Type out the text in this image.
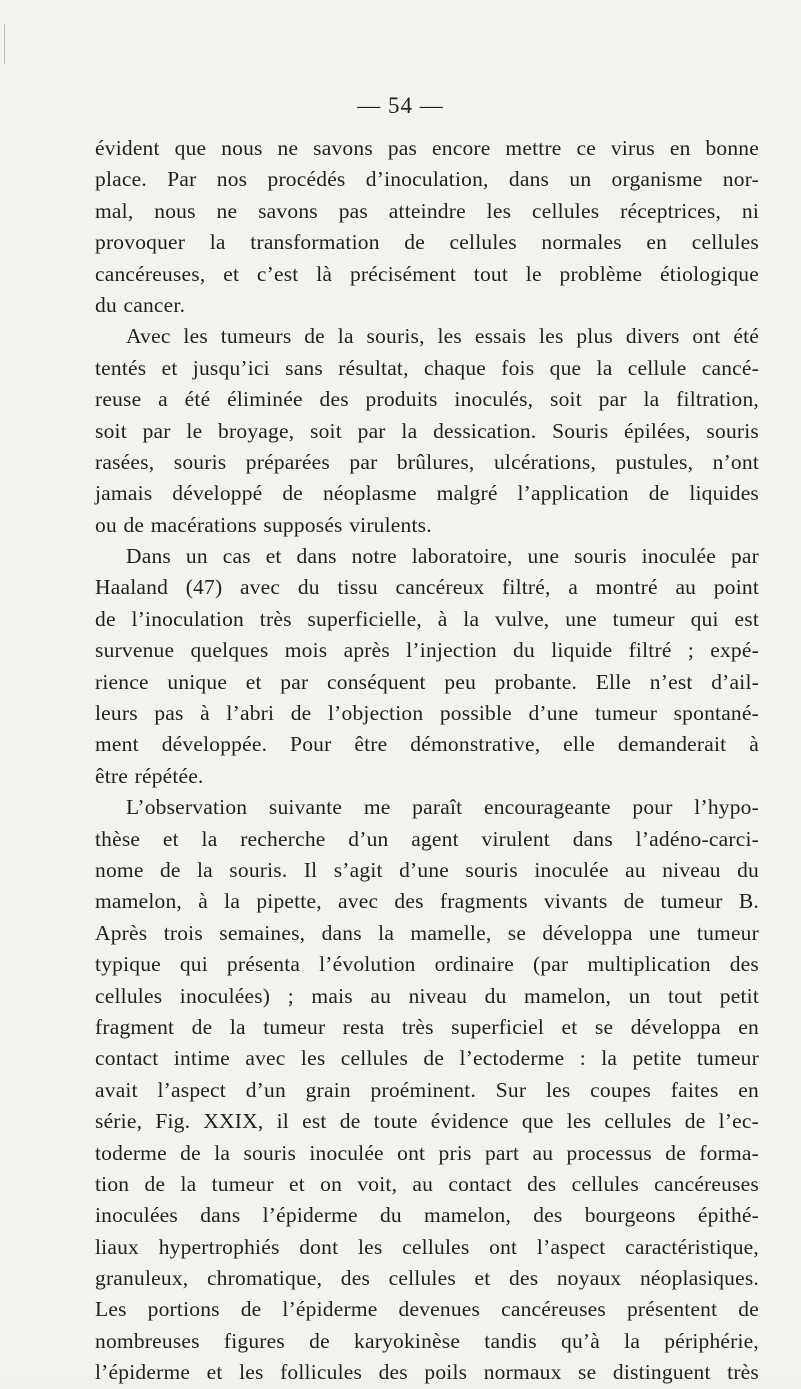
— 54 —
évident que nous ne savons pas encore mettre ce virus en bonne
place. Par nos procédés d’inoculation, dans un organisme nor-
mal, nous ne savons pas atteindre les cellules réceptrices, ni
provoquer la transformation de cellules normales en cellules
cancéreuses, et c’est là précisément tout le problème étiologique
du cancer.
Avec les tumeurs de la souris, les essais les plus divers ont été
tentés et jusqu’ici sans résultat, chaque fois que la cellule cancé-
reuse a été éliminée des produits inoculés, soit par la filtration,
soit par le broyage, soit par la dessication. Souris épilées, souris
rasées, souris préparées par brûlures, ulcérations, pustules, n’ont
jamais développé de néoplasme malgré l’application de liquides
ou de macérations supposés virulents.
Dans un cas et dans notre laboratoire, une souris inoculée par
Haaland (47) avec du tissu cancéreux filtré, a montré au point
de l’inoculation très superficielle, à la vulve, une tumeur qui est
survenue quelques mois après l’injection du liquide filtré ; expé-
rience unique et par conséquent peu probante. Elle n’est d’ail-
leurs pas à l’abri de l’objection possible d’une tumeur spontané-
ment développée. Pour être démonstrative, elle demanderait à
être répétée.
L’observation suivante me paraît encourageante pour l’hypo-
thèse et la recherche d’un agent virulent dans l’adéno-carci-
nome de la souris. Il s’agit d’une souris inoculée au niveau du
mamelon, à la pipette, avec des fragments vivants de tumeur B.
Après trois semaines, dans la mamelle, se développa une tumeur
typique qui présenta l’évolution ordinaire (par multiplication des
cellules inoculées) ; mais au niveau du mamelon, un tout petit
fragment de la tumeur resta très superficiel et se développa en
contact intime avec les cellules de l’ectoderme : la petite tumeur
avait l’aspect d’un grain proéminent. Sur les coupes faites en
série, Fig. XXIX, il est de toute évidence que les cellules de l’ec-
toderme de la souris inoculée ont pris part au processus de forma-
tion de la tumeur et on voit, au contact des cellules cancéreuses
inoculées dans l’épiderme du mamelon, des bourgeons épithé-
liaux hypertrophiés dont les cellules ont l’aspect caractéristique,
granuleux, chromatique, des cellules et des noyaux néoplasiques.
Les portions de l’épiderme devenues cancéreuses présentent de
nombreuses figures de karyokinèse tandis qu’à la périphérie,
l’épiderme et les follicules des poils normaux se distinguent très
